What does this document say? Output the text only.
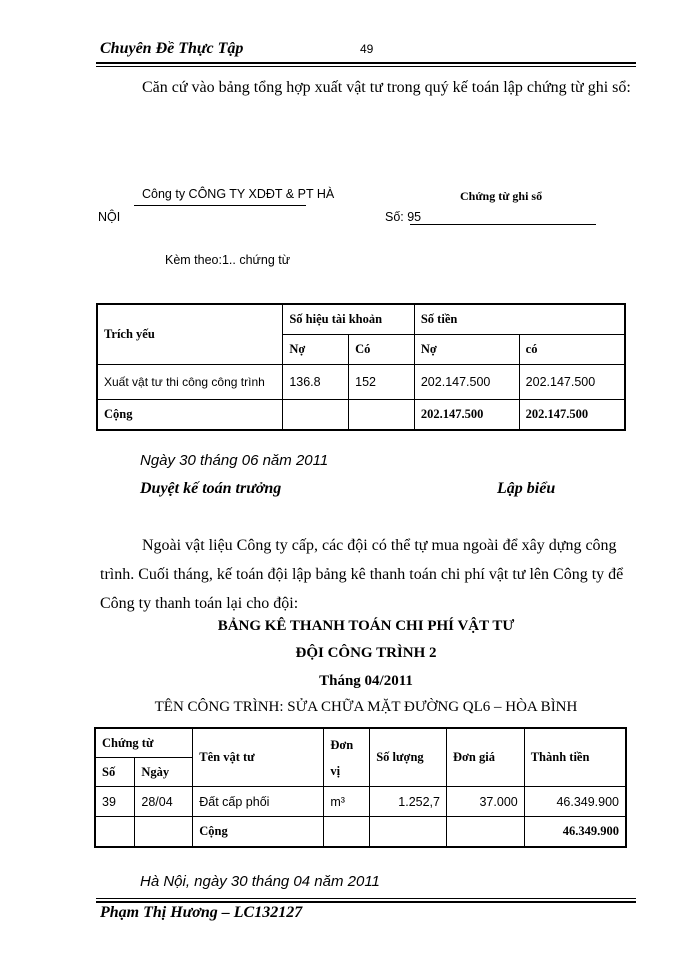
Chuyên Đề Thực Tập	49
Căn cứ vào bảng tổng hợp xuất vật tư trong quý kế toán lập chứng từ ghi sổ:
Công ty CÔNG TY XDĐT & PT HÀ
NỘI
Chứng từ ghi sổ
Số: 95
Kèm theo:1.. chứng từ
Trích yếu	Số hiệu tài khoản		Số tiền	
	Nợ	Có	Nợ	có
Xuất vật tư thi công công trình	136.8	152	202.147.500	202.147.500
Cộng			202.147.500	202.147.500
Ngày 30 tháng 06 năm 2011
Duyệt kế toán trưởng	Lập biểu
Ngoài vật liệu Công ty cấp, các đội có thể tự mua ngoài để xây dựng công trình. Cuối tháng, kế toán đội lập bảng kê thanh toán chi phí vật tư lên Công ty để Công ty thanh toán lại cho đội:
BẢNG KÊ THANH TOÁN CHI PHÍ VẬT TƯ
ĐỘI CÔNG TRÌNH 2
Tháng 04/2011
TÊN CÔNG TRÌNH: SỬA CHỮA MẶT ĐƯỜNG QL6 – HÒA BÌNH
Chứng từ		Tên vật tư	Đơn vị	Số lượng	Đơn giá	Thành tiền
Số	Ngày					
39	28/04	Đất cấp phối	m³	1.252,7	37.000	46.349.900
		Cộng				46.349.900
Hà Nội, ngày 30 tháng 04 năm 2011
Phạm Thị Hương – LC132127
